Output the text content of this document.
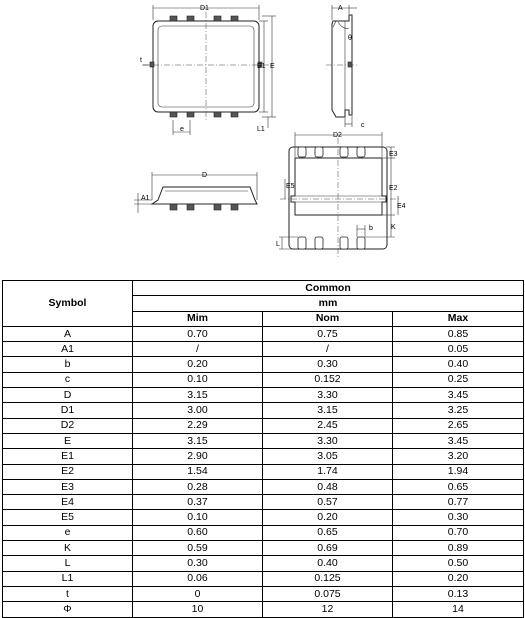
D1
E1 E
t
e	L1
A
θ
c
D
A1
D2
E3
E2
E4
K
E5
b
L
Symbol	Common		
	mm		
	Mim	Nom	Max
A	0.70	0.75	0.85
A1	/	/	0.05
b	0.20	0.30	0.40
c	0.10	0.152	0.25
D	3.15	3.30	3.45
D1	3.00	3.15	3.25
D2	2.29	2.45	2.65
E	3.15	3.30	3.45
E1	2.90	3.05	3.20
E2	1.54	1.74	1.94
E3	0.28	0.48	0.65
E4	0.37	0.57	0.77
E5	0.10	0.20	0.30
e	0.60	0.65	0.70
K	0.59	0.69	0.89
L	0.30	0.40	0.50
L1	0.06	0.125	0.20
t	0	0.075	0.13
Φ	10	12	14
